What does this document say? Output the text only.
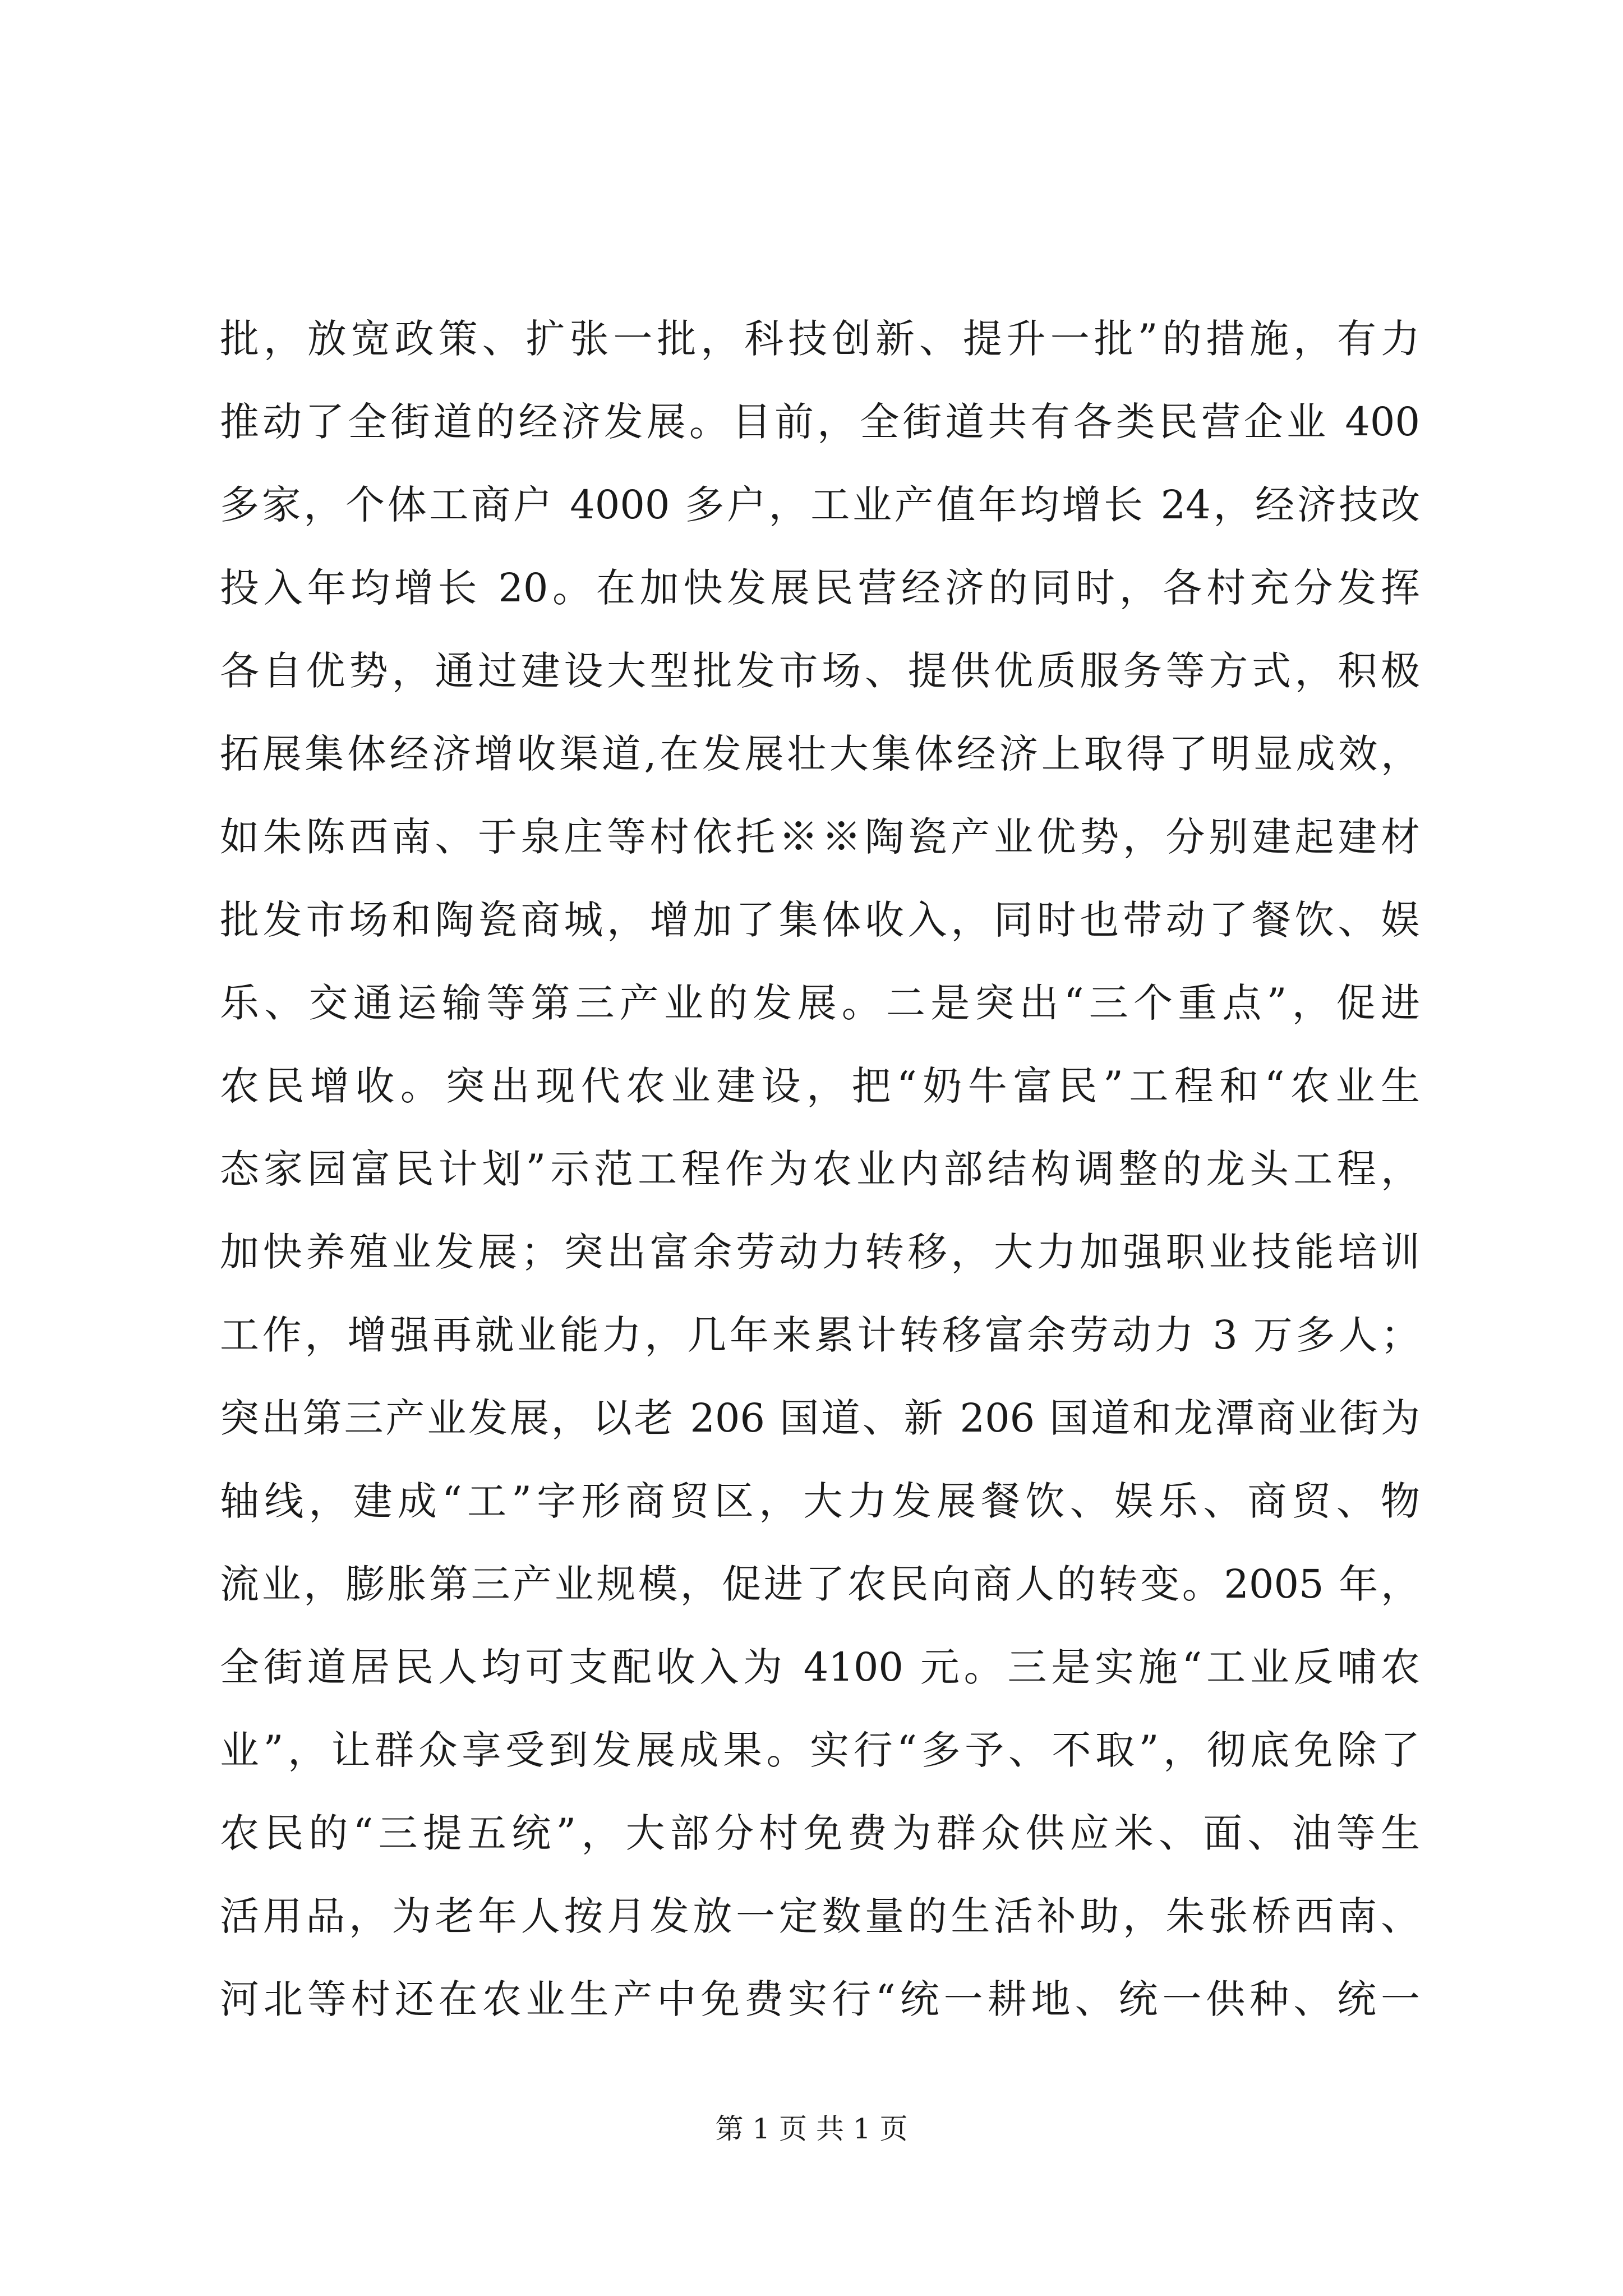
批，放宽政策、扩张一批，科技创新、提升一批”的措施，有力
推动了全街道的经济发展。目前，全街道共有各类民营企业 400
多家，个体工商户 4000 多户，工业产值年均增长 24，经济技改
投入年均增长 20。在加快发展民营经济的同时，各村充分发挥
各自优势，通过建设大型批发市场、提供优质服务等方式，积极
拓展集体经济增收渠道,在发展壮大集体经济上取得了明显成效，
如朱陈西南、于泉庄等村依托※※陶瓷产业优势，分别建起建材
批发市场和陶瓷商城，增加了集体收入，同时也带动了餐饮、娱
乐、交通运输等第三产业的发展。二是突出“三个重点”，促进
农民增收。突出现代农业建设，把“奶牛富民”工程和“农业生
态家园富民计划”示范工程作为农业内部结构调整的龙头工程，
加快养殖业发展；突出富余劳动力转移，大力加强职业技能培训
工作，增强再就业能力，几年来累计转移富余劳动力 3 万多人；
突出第三产业发展，以老 206 国道、新 206 国道和龙潭商业街为
轴线，建成“工”字形商贸区，大力发展餐饮、娱乐、商贸、物
流业，膨胀第三产业规模，促进了农民向商人的转变。2005 年，
全街道居民人均可支配收入为 4100 元。三是实施“工业反哺农
业”，让群众享受到发展成果。实行“多予、不取”，彻底免除了
农民的“三提五统”，大部分村免费为群众供应米、面、油等生
活用品，为老年人按月发放一定数量的生活补助，朱张桥西南、
河北等村还在农业生产中免费实行“统一耕地、统一供种、统一
第 1 页 共 1 页
